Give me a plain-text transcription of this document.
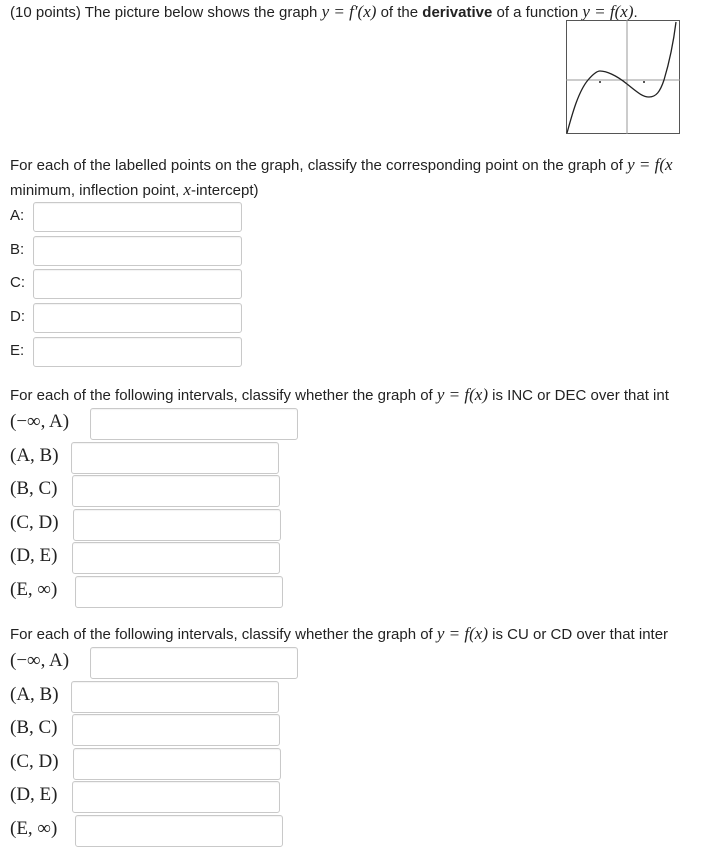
(10 points) The picture below shows the graph y = f′(x) of the derivative of a function y = f(x).
For each of the labelled points on the graph, classify the corresponding point on the graph of y = f(x
minimum, inflection point, x-intercept)
A:
B:
C:
D:
E:
For each of the following intervals, classify whether the graph of y = f(x) is INC or DEC over that int
(−∞, A)
(A, B)
(B, C)
(C, D)
(D, E)
(E, ∞)
For each of the following intervals, classify whether the graph of y = f(x) is CU or CD over that inter
(−∞, A)
(A, B)
(B, C)
(C, D)
(D, E)
(E, ∞)
